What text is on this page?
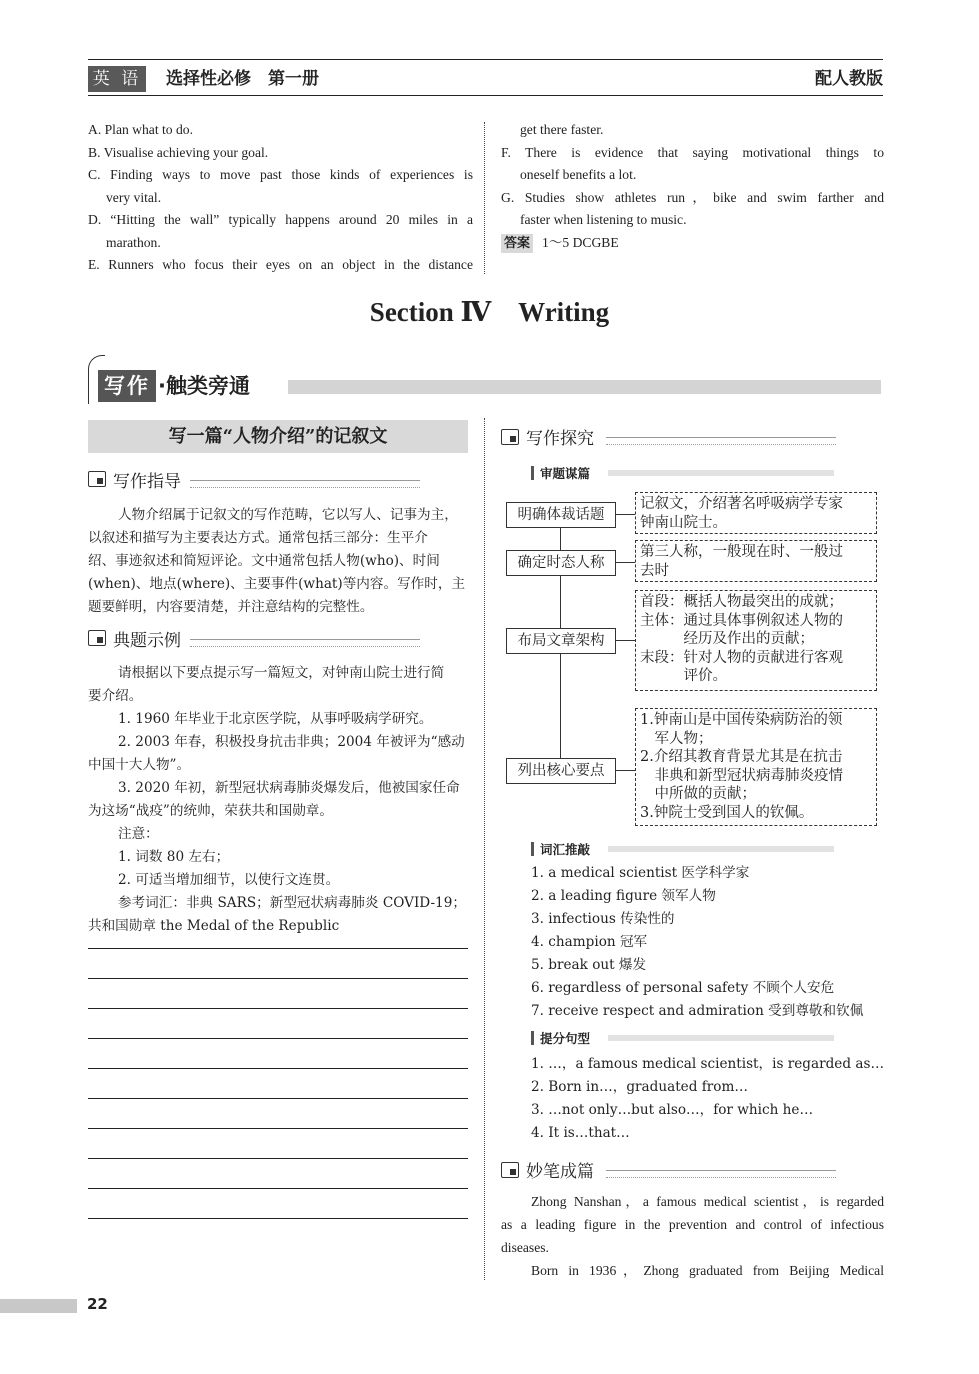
英 语 选择性必修　第一册	配人教版
A. Plan what to do.
B. Visualise achieving your goal.
C. Finding ways to move past those kinds of experiences is
very vital.
D. “Hitting the wall” typically happens around 20 miles in a
marathon.
E. Runners who focus their eyes on an object in the distance
get there faster.
F. There is evidence that saying motivational things to
oneself benefits a lot.
G. Studies show athletes run，bike and swim farther and
faster when listening to music.
答案 1～5 DCGBE
Section Ⅳ　Writing
写作 ·触类旁通
写一篇“人物介绍”的记叙文
写作指导
人物介绍属于记叙文的写作范畴，它以写人、记事为主，
以叙述和描写为主要表达方式。通常包括三部分：生平介
绍、事迹叙述和简短评论。文中通常包括人物(who)、时间
(when)、地点(where)、主要事件(what)等内容。写作时，主
题要鲜明，内容要清楚，并注意结构的完整性。
典题示例
请根据以下要点提示写一篇短文，对钟南山院士进行简
要介绍。
1. 1960 年毕业于北京医学院，从事呼吸病学研究。
2. 2003 年春，积极投身抗击非典；2004 年被评为“感动
中国十大人物”。
3. 2020 年初，新型冠状病毒肺炎爆发后，他被国家任命
为这场“战疫”的统帅，荣获共和国勋章。
注意：
1. 词数 80 左右；
2. 可适当增加细节，以使行文连贯。
参考词汇：非典 SARS；新型冠状病毒肺炎 COVID-19；
共和国勋章 the Medal of the Republic
写作探究
审题谋篇
明确体裁话题
记叙文，介绍著名呼吸病学专家
钟南山院士。
确定时态人称
第三人称，一般现在时、一般过
去时
布局文章架构
首段：概括人物最突出的成就；
主体：通过具体事例叙述人物的
　　　经历及作出的贡献；
末段：针对人物的贡献进行客观
　　　评价。
列出核心要点
1.钟南山是中国传染病防治的领
　军人物；
2.介绍其教育背景尤其是在抗击
　非典和新型冠状病毒肺炎疫情
　中所做的贡献；
3.钟院士受到国人的钦佩。
词汇推敲
1. a medical scientist 医学科学家
2. a leading figure 领军人物
3. infectious 传染性的
4. champion 冠军
5. break out 爆发
6. regardless of personal safety 不顾个人安危
7. receive respect and admiration 受到尊敬和钦佩
提分句型
1. …，a famous medical scientist，is regarded as…
2. Born in…，graduated from…
3. …not only…but also…，for which he…
4. It is…that…
妙笔成篇
Zhong Nanshan，a famous medical scientist，is regarded
as a leading figure in the prevention and control of infectious
diseases.
Born in 1936，Zhong graduated from Beijing Medical
22
